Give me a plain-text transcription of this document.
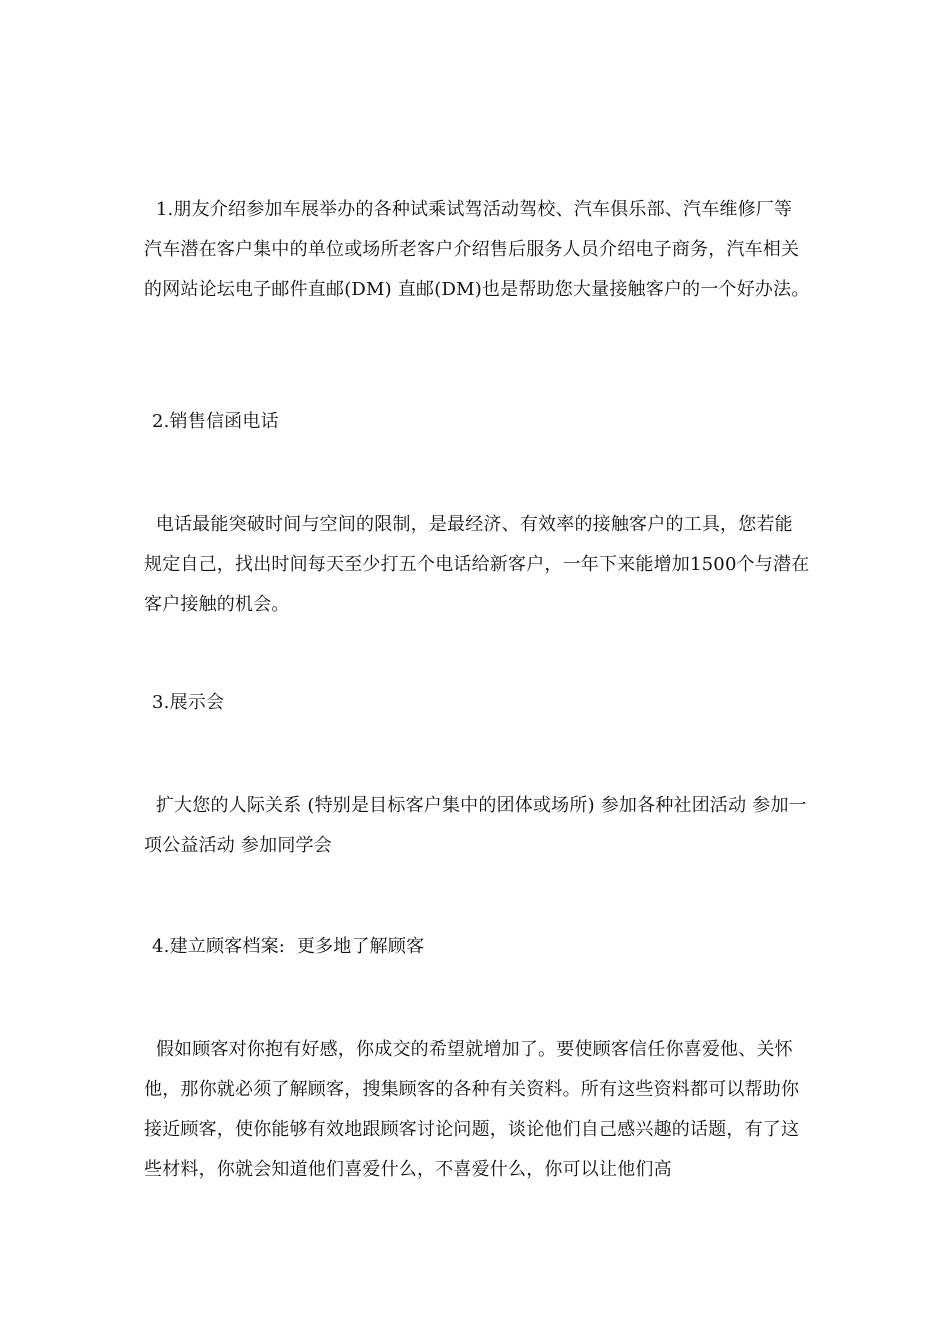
1.朋友介绍参加车展举办的各种试乘试驾活动驾校、汽车俱乐部、汽车维修厂等汽车潜在客户集中的单位或场所老客户介绍售后服务人员介绍电子商务，汽车相关的网站论坛电子邮件直邮(DM) 直邮(DM)也是帮助您大量接触客户的一个好办法。
2.销售信函电话
电话最能突破时间与空间的限制，是最经济、有效率的接触客户的工具，您若能规定自己，找出时间每天至少打五个电话给新客户，一年下来能增加1500个与潜在客户接触的机会。
3.展示会
扩大您的人际关系 (特别是目标客户集中的团体或场所) 参加各种社团活动 参加一项公益活动 参加同学会
4.建立顾客档案:  更多地了解顾客
假如顾客对你抱有好感，你成交的希望就增加了。要使顾客信任你喜爱他、关怀他，那你就必须了解顾客，搜集顾客的各种有关资料。所有这些资料都可以帮助你接近顾客，使你能够有效地跟顾客讨论问题，谈论他们自己感兴趣的话题，有了这些材料，你就会知道他们喜爱什么，不喜爱什么，你可以让他们高
